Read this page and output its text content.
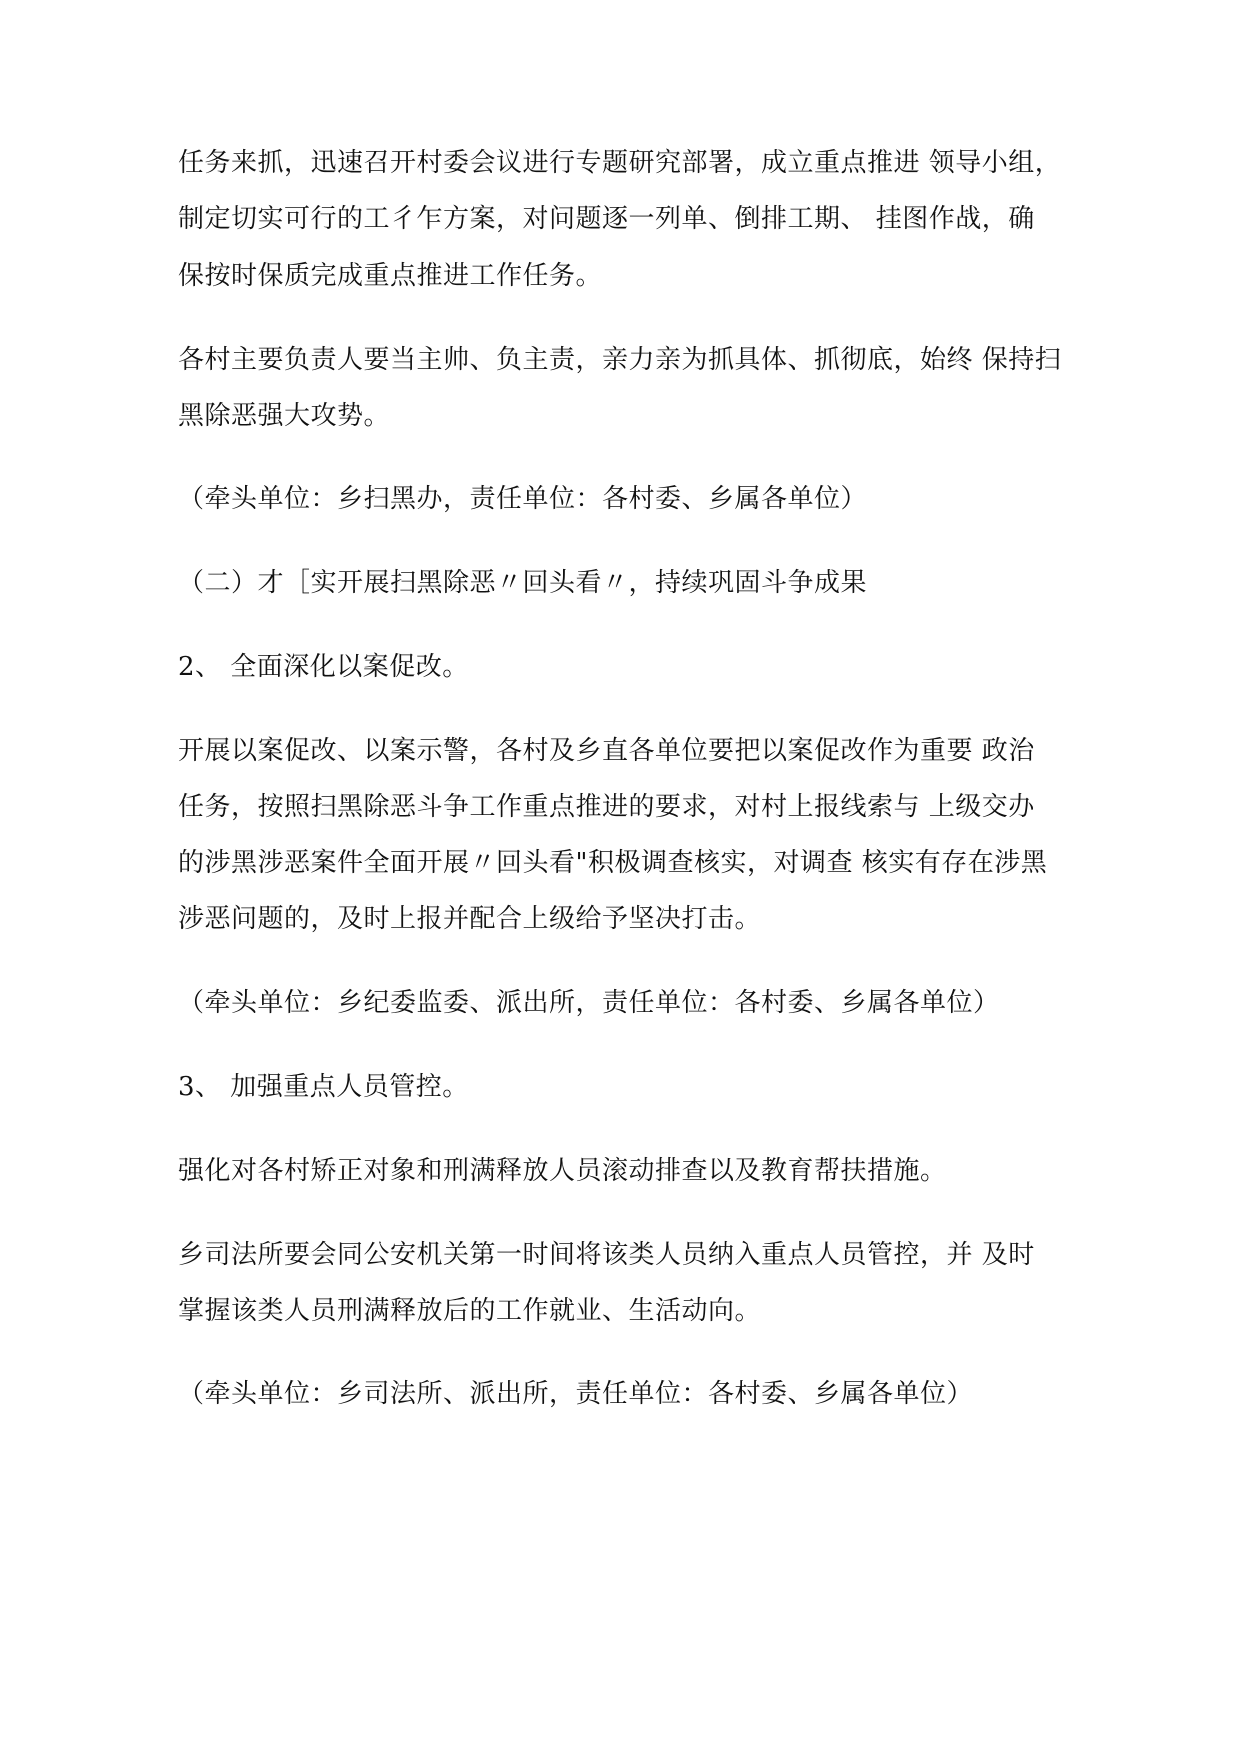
任务来抓，迅速召开村委会议进行专题研究部署，成立重点推进 领导小组，

制定切实可行的工彳乍方案，对问题逐一列单、倒排工期、 挂图作战，确

保按时保质完成重点推进工作任务。

各村主要负责人要当主帅、负主责，亲力亲为抓具体、抓彻底，始终 保持扫

黑除恶强大攻势。

（牵头单位：乡扫黑办，责任单位：各村委、乡属各单位）

（二）才［实开展扫黑除恶〃回头看〃，持续巩固斗争成果

2、 全面深化以案促改。

开展以案促改、以案示警，各村及乡直各单位要把以案促改作为重要 政治

任务，按照扫黑除恶斗争工作重点推进的要求，对村上报线索与 上级交办

的涉黑涉恶案件全面开展〃回头看"积极调查核实，对调查 核实有存在涉黑

涉恶问题的，及时上报并配合上级给予坚决打击。

（牵头单位：乡纪委监委、派出所，责任单位：各村委、乡属各单位）

3、 加强重点人员管控。

强化对各村矫正对象和刑满释放人员滚动排查以及教育帮扶措施。

乡司法所要会同公安机关第一时间将该类人员纳入重点人员管控，并 及时

掌握该类人员刑满释放后的工作就业、生活动向。

（牵头单位：乡司法所、派出所，责任单位：各村委、乡属各单位）
